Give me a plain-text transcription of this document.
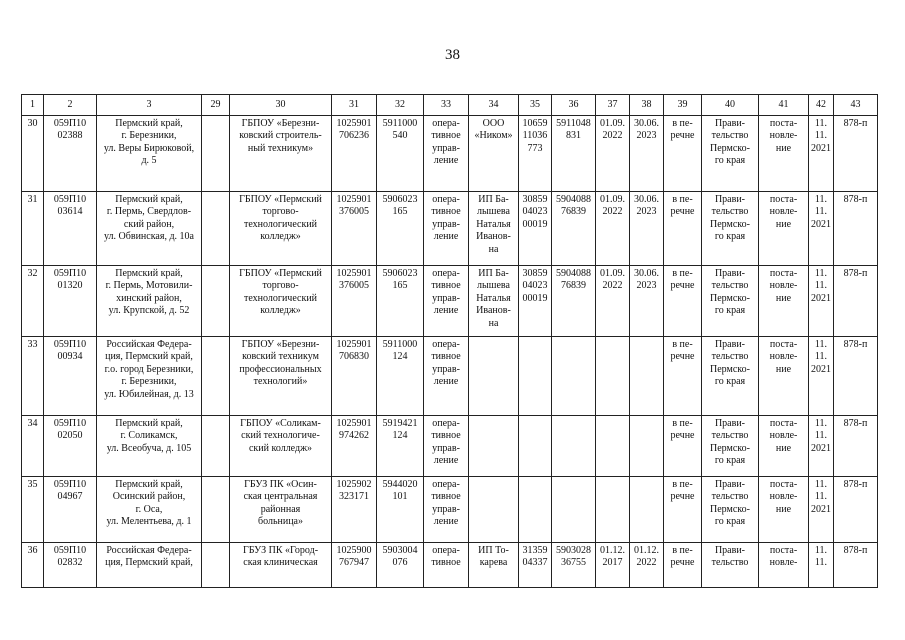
38
1	2	3	29	30	31	32	33	34	35	36	37	38	39	40	41	42	43

30	059П10
02388	Пермский край,
г. Березники,
ул. Веры Бирюковой,
д. 5		ГБПОУ «Березни-
ковский строитель-
ный техникум»	1025901
706236	5911000
540	опера-
тивное
управ-
ление	ООО
«Ником»	10659
11036
773	5911048
831	01.09.
2022	30.06.
2023	в пе-
речне	Прави-
тельство
Пермско-
го края	поста-
новле-
ние	11.
11.
2021	878-п

31	059П10
03614	Пермский край,
г. Пермь, Свердлов-
ский район,
ул. Обвинская, д. 10а		ГБПОУ «Пермский
торгово-
технологический
колледж»	1025901
376005	5906023
165	опера-
тивное
управ-
ление	ИП Ба-
лышева
Наталья
Иванов-
на	30859
04023
00019	5904088
76839	01.09.
2022	30.06.
2023	в пе-
речне	Прави-
тельство
Пермско-
го края	поста-
новле-
ние	11.
11.
2021	878-п

32	059П10
01320	Пермский край,
г. Пермь, Мотовили-
хинский район,
ул. Крупской, д. 52		ГБПОУ «Пермский
торгово-
технологический
колледж»	1025901
376005	5906023
165	опера-
тивное
управ-
ление	ИП Ба-
лышева
Наталья
Иванов-
на	30859
04023
00019	5904088
76839	01.09.
2022	30.06.
2023	в пе-
речне	Прави-
тельство
Пермско-
го края	поста-
новле-
ние	11.
11.
2021	878-п

33	059П10
00934	Российская Федера-
ция, Пермский край,
г.о. город Березники,
г. Березники,
ул. Юбилейная, д. 13		ГБПОУ «Березни-
ковский техникум
профессиональных
технологий»	1025901
706830	5911000
124	опера-
тивное
управ-
ление						в пе-
речне	Прави-
тельство
Пермско-
го края	поста-
новле-
ние	11.
11.
2021	878-п

34	059П10
02050	Пермский край,
г. Соликамск,
ул. Всеобуча, д. 105		ГБПОУ «Соликам-
ский технологиче-
ский колледж»	1025901
974262	5919421
124	опера-
тивное
управ-
ление						в пе-
речне	Прави-
тельство
Пермско-
го края	поста-
новле-
ние	11.
11.
2021	878-п

35	059П10
04967	Пермский край,
Осинский район,
г. Оса,
ул. Мелентьева, д. 1		ГБУЗ ПК «Осин-
ская центральная
районная
больница»	1025902
323171	5944020
101	опера-
тивное
управ-
ление						в пе-
речне	Прави-
тельство
Пермско-
го края	поста-
новле-
ние	11.
11.
2021	878-п

36	059П10
02832	Российская Федера-
ция, Пермский край,		ГБУЗ ПК «Город-
ская клиническая	1025900
767947	5903004
076	опера-
тивное	ИП То-
карева	31359
04337	5903028
36755	01.12.
2017	01.12.
2022	в пе-
речне	Прави-
тельство	поста-
новле-	11.
11.	878-п
